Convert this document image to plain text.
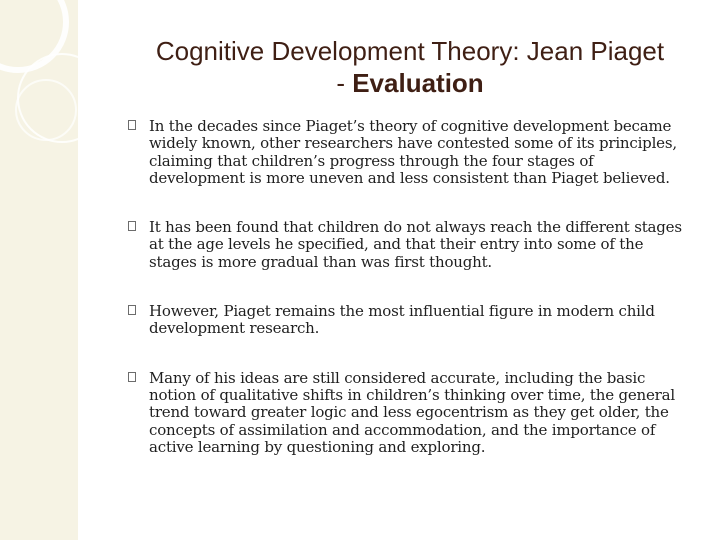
Cognitive Development Theory: Jean Piaget
- Evaluation
In the decades since Piaget’s theory of cognitive development became widely known, other researchers have contested some of its principles, claiming that children’s progress through the four stages of development is more uneven and less consistent than Piaget believed.
It has been found that children do not always reach the different stages at the age levels he specified, and that their entry into some of the stages is more gradual than was first thought.
However, Piaget remains the most influential figure in modern child development research.
Many of his ideas are still considered accurate, including the basic notion of qualitative shifts in children’s thinking over time, the general trend toward greater logic and less egocentrism as they get older, the concepts of assimilation and accommodation, and the importance of active learning by questioning and exploring.
